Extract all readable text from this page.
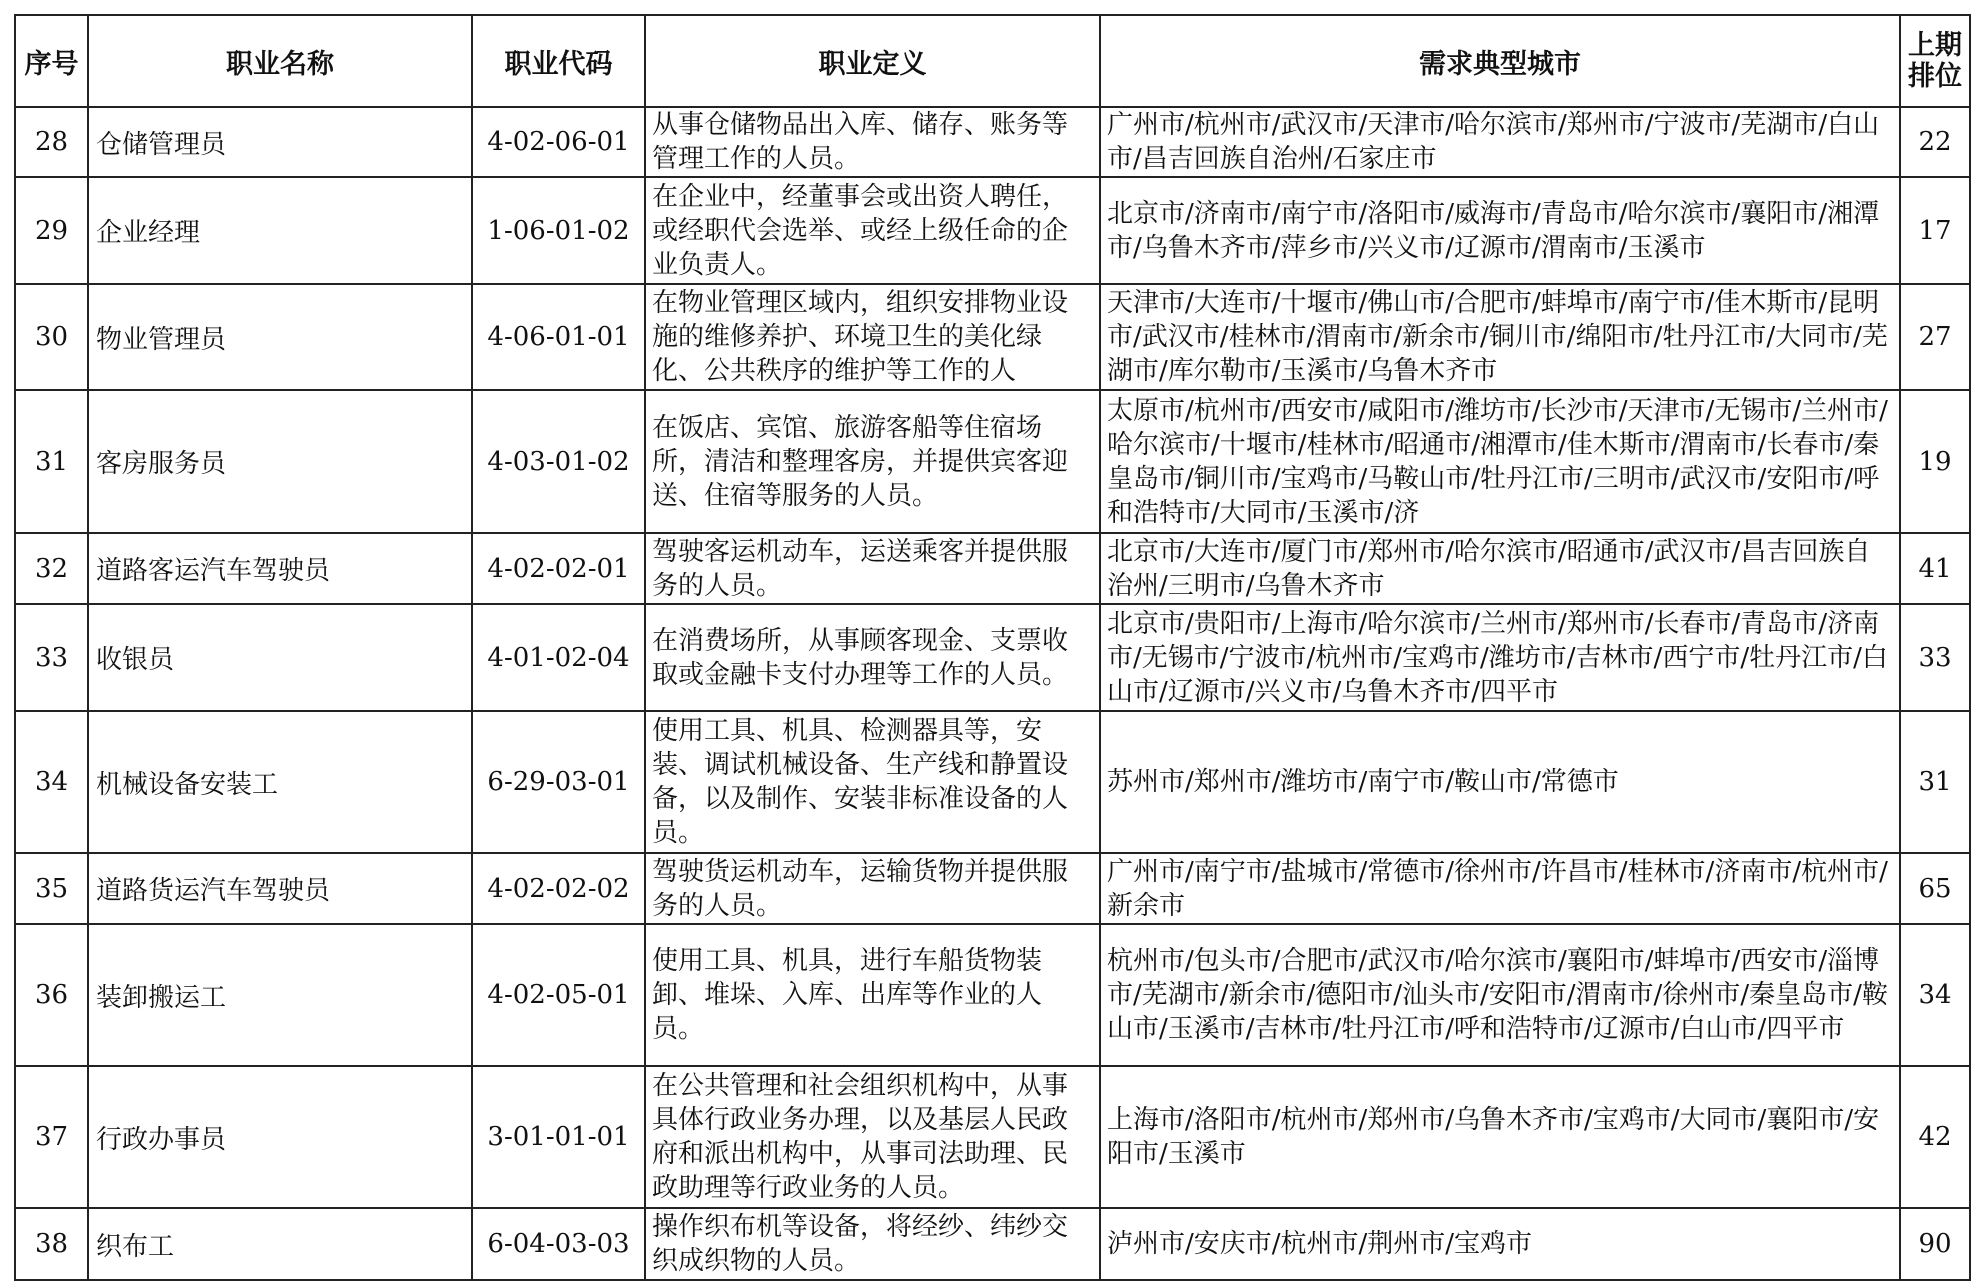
序号	职业名称	职业代码	职业定义	需求典型城市	上期
排位

28	仓储管理员	4-02-06-01	从事仓储物品出入库、储存、账务等管理工作的人员。	广州市/杭州市/武汉市/天津市/哈尔滨市/郑州市/宁波市/芜湖市/白山市/昌吉回族自治州/石家庄市	22
29	企业经理	1-06-01-02	在企业中，经董事会或出资人聘任，或经职代会选举、或经上级任命的企业负责人。	北京市/济南市/南宁市/洛阳市/威海市/青岛市/哈尔滨市/襄阳市/湘潭市/乌鲁木齐市/萍乡市/兴义市/辽源市/渭南市/玉溪市	17
30	物业管理员	4-06-01-01	在物业管理区域内，组织安排物业设施的维修养护、环境卫生的美化绿化、公共秩序的维护等工作的人	天津市/大连市/十堰市/佛山市/合肥市/蚌埠市/南宁市/佳木斯市/昆明市/武汉市/桂林市/渭南市/新余市/铜川市/绵阳市/牡丹江市/大同市/芜湖市/库尔勒市/玉溪市/乌鲁木齐市	27
31	客房服务员	4-03-01-02	在饭店、宾馆、旅游客船等住宿场所，清洁和整理客房，并提供宾客迎送、住宿等服务的人员。	太原市/杭州市/西安市/咸阳市/潍坊市/长沙市/天津市/无锡市/兰州市/哈尔滨市/十堰市/桂林市/昭通市/湘潭市/佳木斯市/渭南市/长春市/秦皇岛市/铜川市/宝鸡市/马鞍山市/牡丹江市/三明市/武汉市/安阳市/呼和浩特市/大同市/玉溪市/济	19
32	道路客运汽车驾驶员	4-02-02-01	驾驶客运机动车，运送乘客并提供服务的人员。	北京市/大连市/厦门市/郑州市/哈尔滨市/昭通市/武汉市/昌吉回族自治州/三明市/乌鲁木齐市	41
33	收银员	4-01-02-04	在消费场所，从事顾客现金、支票收取或金融卡支付办理等工作的人员。	北京市/贵阳市/上海市/哈尔滨市/兰州市/郑州市/长春市/青岛市/济南市/无锡市/宁波市/杭州市/宝鸡市/潍坊市/吉林市/西宁市/牡丹江市/白山市/辽源市/兴义市/乌鲁木齐市/四平市	33
34	机械设备安装工	6-29-03-01	使用工具、机具、检测器具等，安装、调试机械设备、生产线和静置设备，以及制作、安装非标准设备的人员。	苏州市/郑州市/潍坊市/南宁市/鞍山市/常德市	31
35	道路货运汽车驾驶员	4-02-02-02	驾驶货运机动车，运输货物并提供服务的人员。	广州市/南宁市/盐城市/常德市/徐州市/许昌市/桂林市/济南市/杭州市/新余市	65
36	装卸搬运工	4-02-05-01	使用工具、机具，进行车船货物装卸、堆垛、入库、出库等作业的人员。	杭州市/包头市/合肥市/武汉市/哈尔滨市/襄阳市/蚌埠市/西安市/淄博市/芜湖市/新余市/德阳市/汕头市/安阳市/渭南市/徐州市/秦皇岛市/鞍山市/玉溪市/吉林市/牡丹江市/呼和浩特市/辽源市/白山市/四平市	34
37	行政办事员	3-01-01-01	在公共管理和社会组织机构中，从事具体行政业务办理，以及基层人民政府和派出机构中，从事司法助理、民政助理等行政业务的人员。	上海市/洛阳市/杭州市/郑州市/乌鲁木齐市/宝鸡市/大同市/襄阳市/安阳市/玉溪市	42
38	织布工	6-04-03-03	操作织布机等设备，将经纱、纬纱交织成织物的人员。	泸州市/安庆市/杭州市/荆州市/宝鸡市	90
